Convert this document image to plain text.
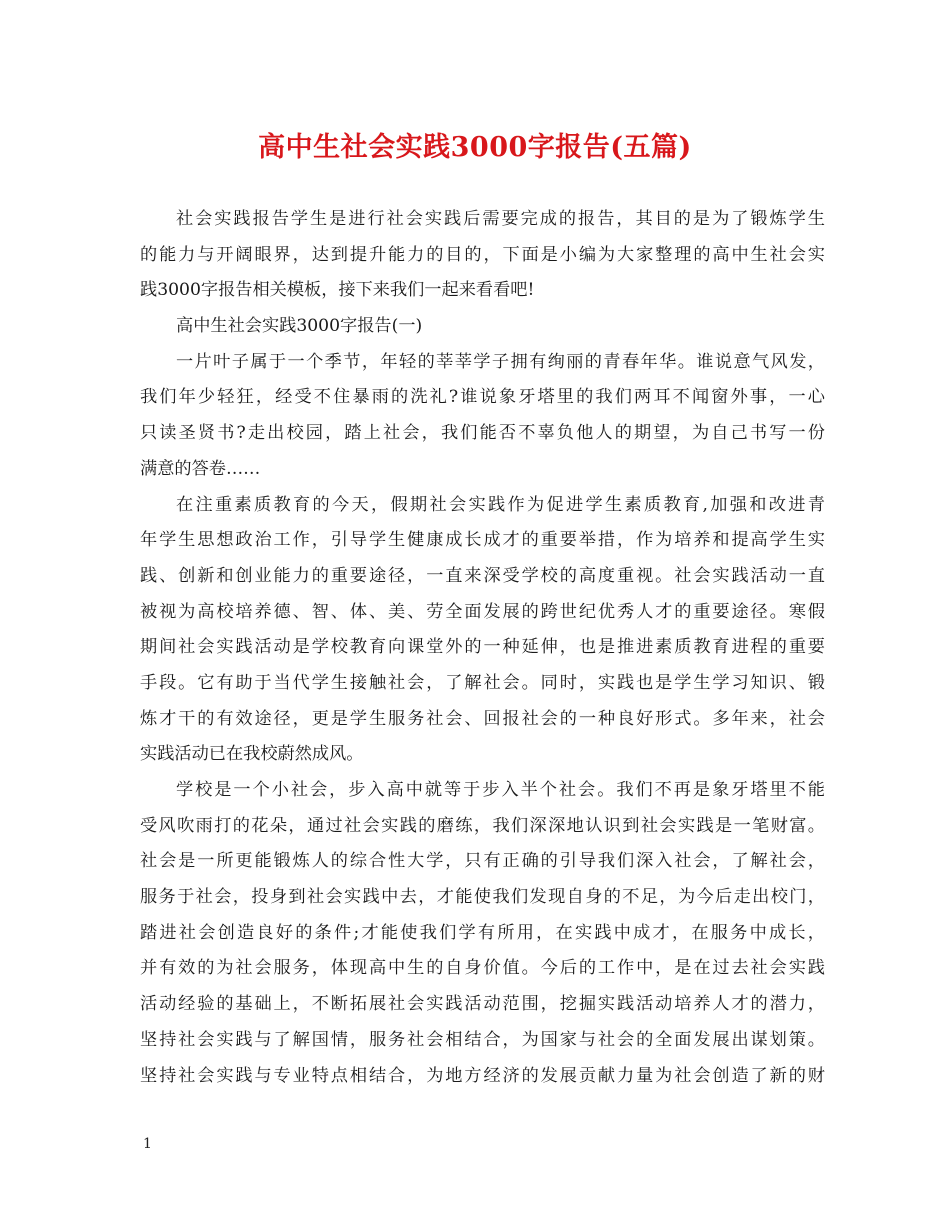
高中生社会实践3000字报告(五篇)
社会实践报告学生是进行社会实践后需要完成的报告，其目的是为了锻炼学生
的能力与开阔眼界，达到提升能力的目的，下面是小编为大家整理的高中生社会实
践3000字报告相关模板，接下来我们一起来看看吧!
高中生社会实践3000字报告(一)
一片叶子属于一个季节，年轻的莘莘学子拥有绚丽的青春年华。谁说意气风发，
我们年少轻狂，经受不住暴雨的洗礼?谁说象牙塔里的我们两耳不闻窗外事，一心
只读圣贤书?走出校园，踏上社会，我们能否不辜负他人的期望，为自己书写一份
满意的答卷……
在注重素质教育的今天，假期社会实践作为促进学生素质教育,加强和改进青
年学生思想政治工作，引导学生健康成长成才的重要举措，作为培养和提高学生实
践、创新和创业能力的重要途径，一直来深受学校的高度重视。社会实践活动一直
被视为高校培养德、智、体、美、劳全面发展的跨世纪优秀人才的重要途径。寒假
期间社会实践活动是学校教育向课堂外的一种延伸，也是推进素质教育进程的重要
手段。它有助于当代学生接触社会，了解社会。同时，实践也是学生学习知识、锻
炼才干的有效途径，更是学生服务社会、回报社会的一种良好形式。多年来，社会
实践活动已在我校蔚然成风。
学校是一个小社会，步入高中就等于步入半个社会。我们不再是象牙塔里不能
受风吹雨打的花朵，通过社会实践的磨练，我们深深地认识到社会实践是一笔财富。
社会是一所更能锻炼人的综合性大学，只有正确的引导我们深入社会，了解社会，
服务于社会，投身到社会实践中去，才能使我们发现自身的不足，为今后走出校门，
踏进社会创造良好的条件;才能使我们学有所用，在实践中成才，在服务中成长，
并有效的为社会服务，体现高中生的自身价值。今后的工作中，是在过去社会实践
活动经验的基础上，不断拓展社会实践活动范围，挖掘实践活动培养人才的潜力，
坚持社会实践与了解国情，服务社会相结合，为国家与社会的全面发展出谋划策。
坚持社会实践与专业特点相结合，为地方经济的发展贡献力量为社会创造了新的财
1
